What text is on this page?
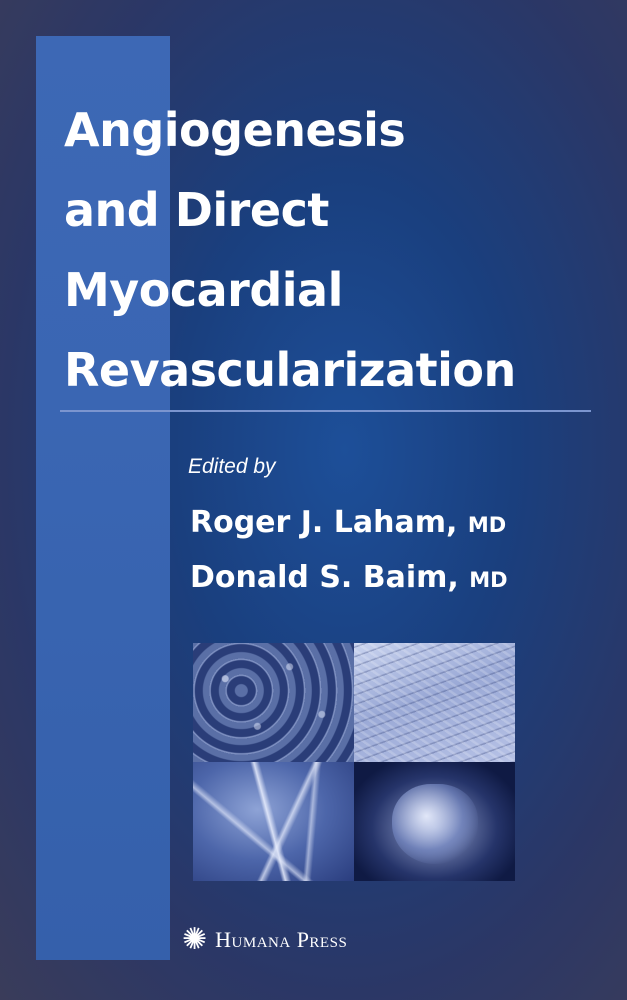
Angiogenesis
and Direct
Myocardial
Revascularization
Edited by
Roger J. Laham, MD
Donald S. Baim, MD
✺ Humana Press
